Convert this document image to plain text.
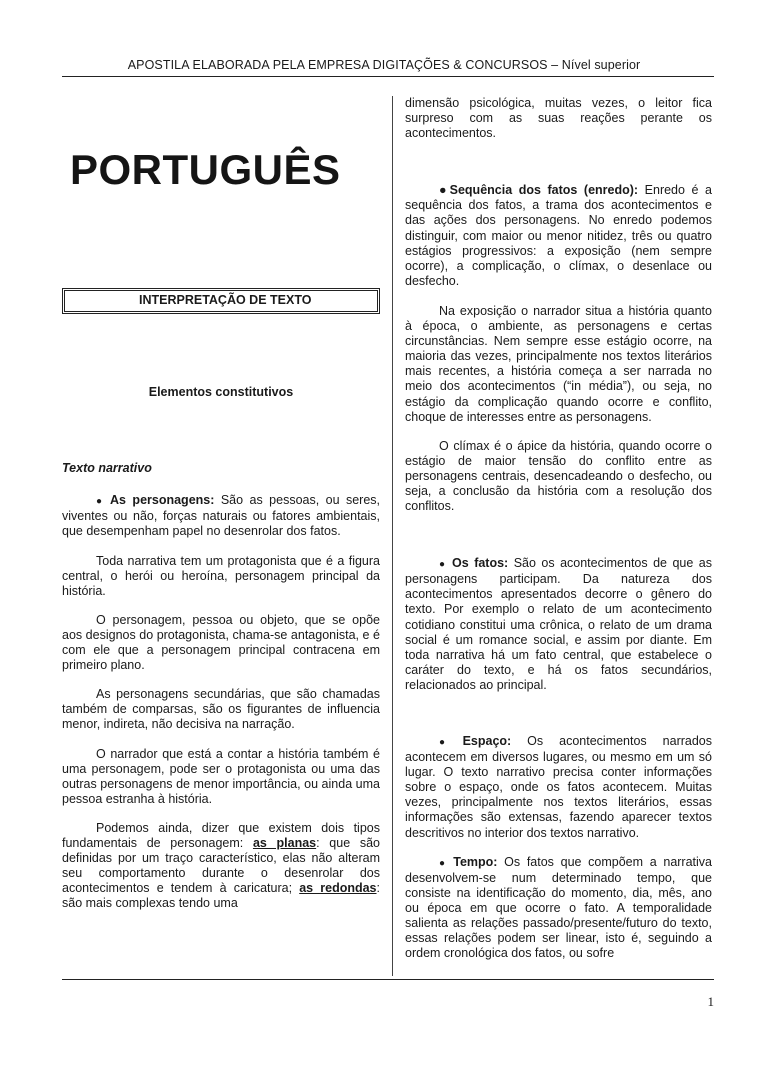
APOSTILA ELABORADA PELA EMPRESA DIGITAÇÕES & CONCURSOS – Nível superior
PORTUGUÊS
INTERPRETAÇÃO DE TEXTO
Elementos constitutivos
Texto narrativo

● As personagens: São as pessoas, ou seres, viventes ou não, forças naturais ou fatores ambientais, que desempenham papel no desenrolar dos fatos.

Toda narrativa tem um protagonista que é a figura central, o herói ou heroína, personagem principal da história.

O personagem, pessoa ou objeto, que se opõe aos designos do protagonista, chama-se antagonista, e é com ele que a personagem principal contracena em primeiro plano.

As personagens secundárias, que são chamadas também de comparsas, são os figurantes de influencia menor, indireta, não decisiva na narração.

O narrador que está a contar a história também é uma personagem, pode ser o protagonista ou uma das outras personagens de menor importância, ou ainda uma pessoa estranha à história.

Podemos ainda, dizer que existem dois tipos fundamentais de personagem: as planas: que são definidas por um traço característico, elas não alteram seu comportamento durante o desenrolar dos acontecimentos e tendem à caricatura; as redondas: são mais complexas tendo uma

dimensão psicológica, muitas vezes, o leitor fica surpreso com as suas reações perante os acontecimentos.

●Sequência dos fatos (enredo): Enredo é a sequência dos fatos, a trama dos acontecimentos e das ações dos personagens. No enredo podemos distinguir, com maior ou menor nitidez, três ou quatro estágios progressivos: a exposição (nem sempre ocorre), a complicação, o clímax, o desenlace ou desfecho.

Na exposição o narrador situa a história quanto à época, o ambiente, as personagens e certas circunstâncias. Nem sempre esse estágio ocorre, na maioria das vezes, principalmente nos textos literários mais recentes, a história começa a ser narrada no meio dos acontecimentos (“in média”), ou seja, no estágio da complicação quando ocorre e conflito, choque de interesses entre as personagens.

O clímax é o ápice da história, quando ocorre o estágio de maior tensão do conflito entre as personagens centrais, desencadeando o desfecho, ou seja, a conclusão da história com a resolução dos conflitos.

● Os fatos: São os acontecimentos de que as personagens participam. Da natureza dos acontecimentos apresentados decorre o gênero do texto. Por exemplo o relato de um acontecimento cotidiano constitui uma crônica, o relato de um drama social é um romance social, e assim por diante. Em toda narrativa há um fato central, que estabelece o caráter do texto, e há os fatos secundários, relacionados ao principal.

● Espaço: Os acontecimentos narrados acontecem em diversos lugares, ou mesmo em um só lugar. O texto narrativo precisa conter informações sobre o espaço, onde os fatos acontecem. Muitas vezes, principalmente nos textos literários, essas informações são extensas, fazendo aparecer textos descritivos no interior dos textos narrativo.

● Tempo: Os fatos que compõem a narrativa desenvolvem-se num determinado tempo, que consiste na identificação do momento, dia, mês, ano ou época em que ocorre o fato. A temporalidade salienta as relações passado/presente/futuro do texto, essas relações podem ser linear, isto é, seguindo a ordem cronológica dos fatos, ou sofre

1
